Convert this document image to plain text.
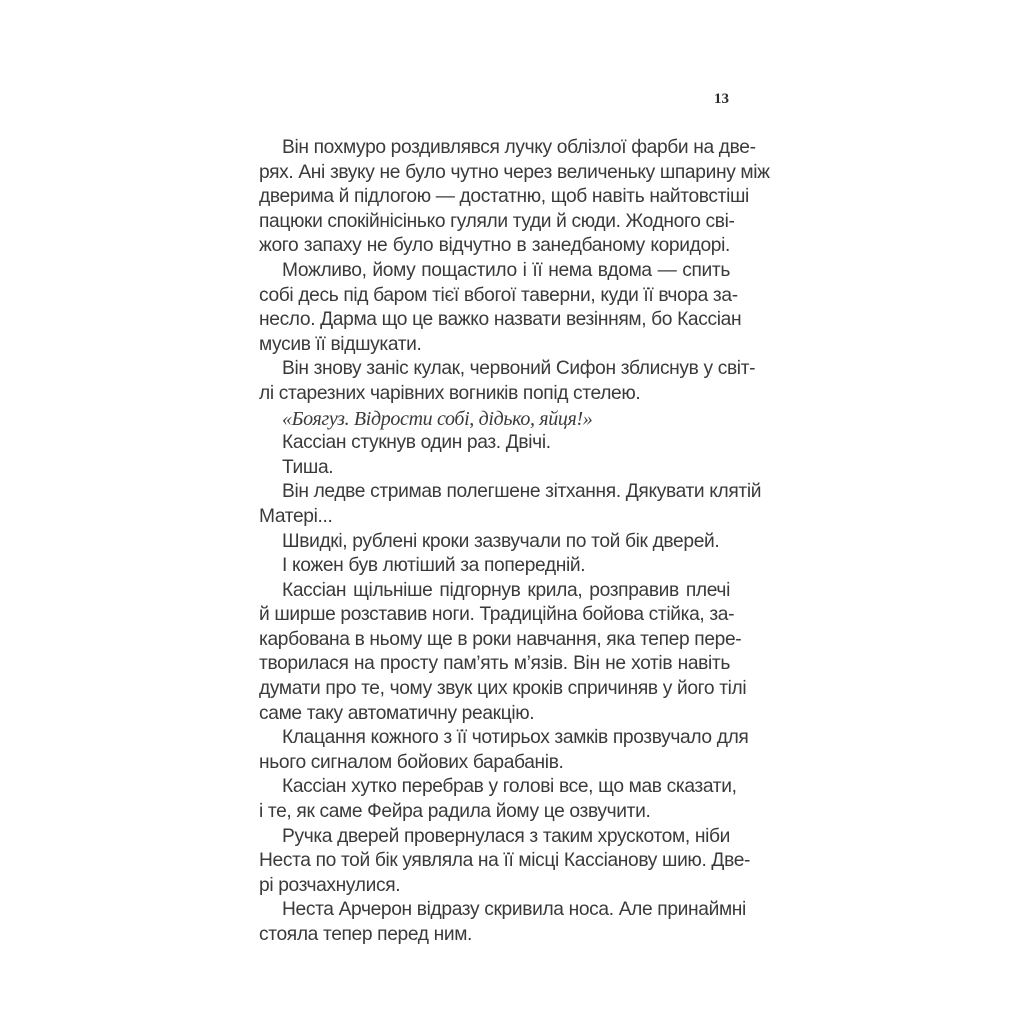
13
Він похмуро роздивлявся лучку облізлої фарби на две-
рях. Ані звуку не було чутно через величеньку шпарину між
дверима й підлогою — достатню, щоб навіть найтовстіші
пацюки спокійнісінько гуляли туди й сюди. Жодного сві-
жого запаху не було відчутно в занедбаному коридорі.
Можливо, йому пощастило і її нема вдома — спить
собі десь під баром тієї вбогої таверни, куди її вчора за-
несло. Дарма що це важко назвати везінням, бо Кассіан
мусив її відшукати.
Він знову заніс кулак, червоний Сифон зблиснув у світ-
лі старезних чарівних вогників попід стелею.
«Боягуз. Відрости собі, дідько, яйця!»
Кассіан стукнув один раз. Двічі.
Тиша.
Він ледве стримав полегшене зітхання. Дякувати клятій
Матері...
Швидкі, рублені кроки зазвучали по той бік дверей.
І кожен був лютіший за попередній.
Кассіан щільніше підгорнув крила, розправив плечі
й ширше розставив ноги. Традиційна бойова стійка, за-
карбована в ньому ще в роки навчання, яка тепер пере-
творилася на просту пам’ять м’язів. Він не хотів навіть
думати про те, чому звук цих кроків спричиняв у його тілі
саме таку автоматичну реакцію.
Клацання кожного з її чотирьох замків прозвучало для
нього сигналом бойових барабанів.
Кассіан хутко перебрав у голові все, що мав сказати,
і те, як саме Фейра радила йому це озвучити.
Ручка дверей провернулася з таким хрускотом, ніби
Неста по той бік уявляла на її місці Кассіанову шию. Две-
рі розчахнулися.
Неста Арчерон відразу скривила носа. Але принаймні
стояла тепер перед ним.
